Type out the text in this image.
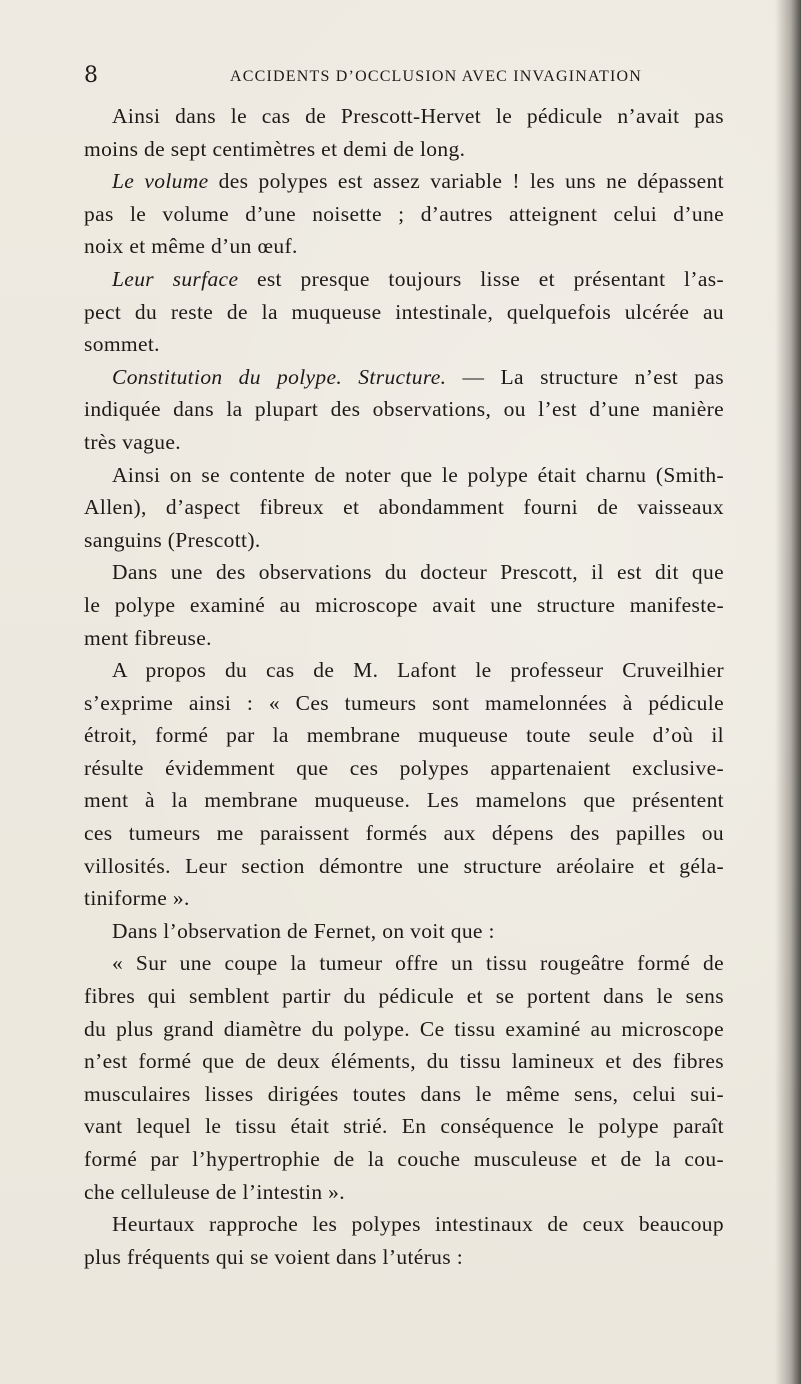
8	ACCIDENTS D’OCCLUSION AVEC INVAGINATION
Ainsi dans le cas de Prescott-Hervet le pédicule n’avait pas
moins de sept centimètres et demi de long.
Le volume des polypes est assez variable ! les uns ne dépassent
pas le volume d’une noisette ; d’autres atteignent celui d’une
noix et même d’un œuf.
Leur surface est presque toujours lisse et présentant l’as-
pect du reste de la muqueuse intestinale, quelquefois ulcérée au
sommet.
Constitution du polype. Structure. — La structure n’est pas
indiquée dans la plupart des observations, ou l’est d’une manière
très vague.
Ainsi on se contente de noter que le polype était charnu (Smith-
Allen), d’aspect fibreux et abondamment fourni de vaisseaux
sanguins (Prescott).
Dans une des observations du docteur Prescott, il est dit que
le polype examiné au microscope avait une structure manifeste-
ment fibreuse.
A propos du cas de M. Lafont le professeur Cruveilhier
s’exprime ainsi : « Ces tumeurs sont mamelonnées à pédicule
étroit, formé par la membrane muqueuse toute seule d’où il
résulte évidemment que ces polypes appartenaient exclusive-
ment à la membrane muqueuse. Les mamelons que présentent
ces tumeurs me paraissent formés aux dépens des papilles ou
villosités. Leur section démontre une structure aréolaire et géla-
tiniforme ».
Dans l’observation de Fernet, on voit que :
« Sur une coupe la tumeur offre un tissu rougeâtre formé de
fibres qui semblent partir du pédicule et se portent dans le sens
du plus grand diamètre du polype. Ce tissu examiné au microscope
n’est formé que de deux éléments, du tissu lamineux et des fibres
musculaires lisses dirigées toutes dans le même sens, celui sui-
vant lequel le tissu était strié. En conséquence le polype paraît
formé par l’hypertrophie de la couche musculeuse et de la cou-
che celluleuse de l’intestin ».
Heurtaux rapproche les polypes intestinaux de ceux beaucoup
plus fréquents qui se voient dans l’utérus :
